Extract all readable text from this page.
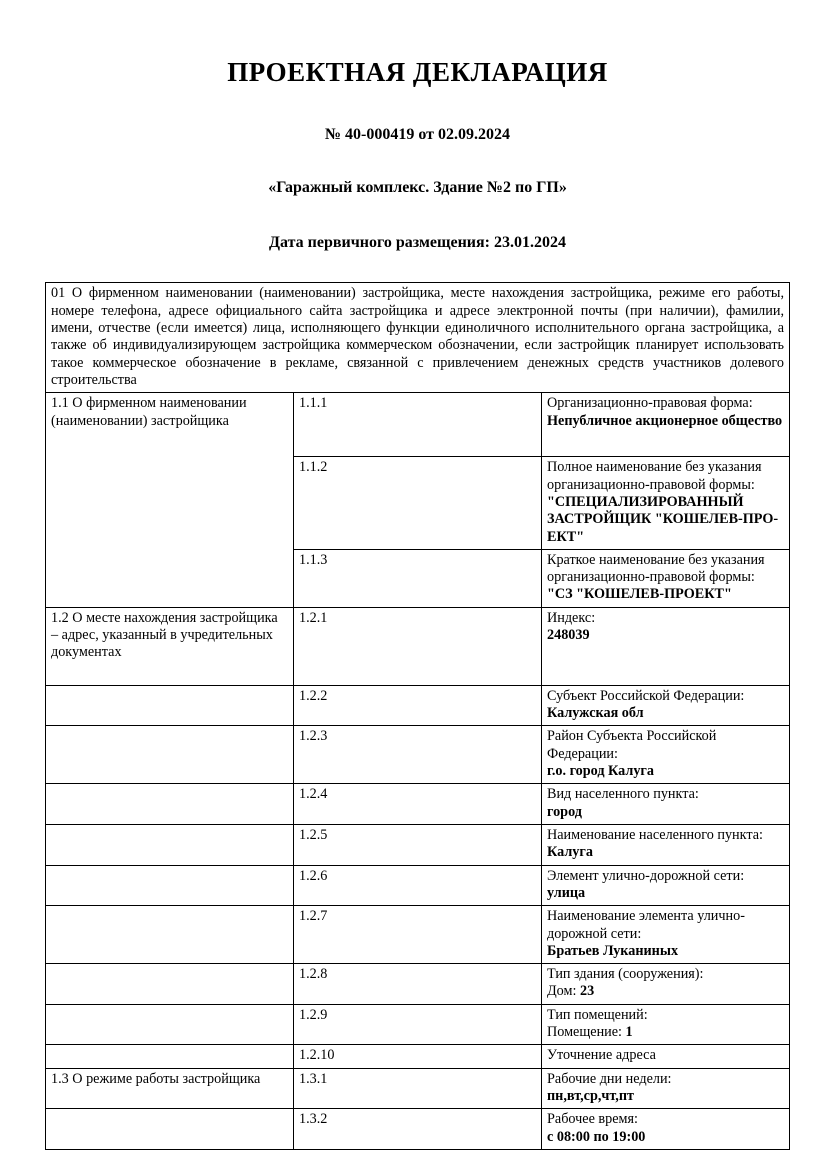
ПРОЕКТНАЯ ДЕКЛАРАЦИЯ
№ 40-000419 от 02.09.2024
«Гаражный комплекс. Здание №2 по ГП»
Дата первичного размещения: 23.01.2024
01 О фирменном наименовании (наименовании) застройщика, месте нахождения застройщика, режиме его работы, номере телефона, адресе официального сайта застройщика и адресе электронной почты (при наличии), фамилии, имени, отчестве (если имеется) лица, исполняющего функции единоличного исполнительного органа застройщика, а также об индивидуализирующем застройщика коммерческом обозначении, если застройщик планирует использовать такое коммерческое обозначение в рекламе, связанной с привлечением денежных средств участников долевого строительства		
1.1 О фирменном наименовании (наименовании) застройщика	1.1.1	Организационно-правовая форма:
Непубличное акционерное общество

	1.1.2	Полное наименование без указания организационно-правовой формы:
"СПЕЦИАЛИЗИРОВАННЫЙ ЗАСТРОЙЩИК "КОШЕЛЕВ-ПРО-ЕКТ"

	1.1.3	Краткое наименование без указания организационно-правовой формы:
"СЗ "КОШЕЛЕВ-ПРОЕКТ"

1.2 О месте нахождения застройщика – адрес, указанный в учредительных документах	1.2.1	Индекс:
248039

	1.2.2	Субъект Российской Федерации:
Калужская обл

	1.2.3	Район Субъекта Российской Федерации:
г.о. город Калуга

	1.2.4	Вид населенного пункта:
город

	1.2.5	Наименование населенного пункта:
Калуга

	1.2.6	Элемент улично-дорожной сети:
улица

	1.2.7	Наименование элемента улично-дорожной сети:
Братьев Луканиных

	1.2.8	Тип здания (сооружения):
Дом: 23

	1.2.9	Тип помещений:
Помещение: 1

	1.2.10	Уточнение адреса

1.3 О режиме работы застройщика	1.3.1	Рабочие дни недели:
пн,вт,ср,чт,пт

	1.3.2	Рабочее время:
с 08:00 по 19:00
